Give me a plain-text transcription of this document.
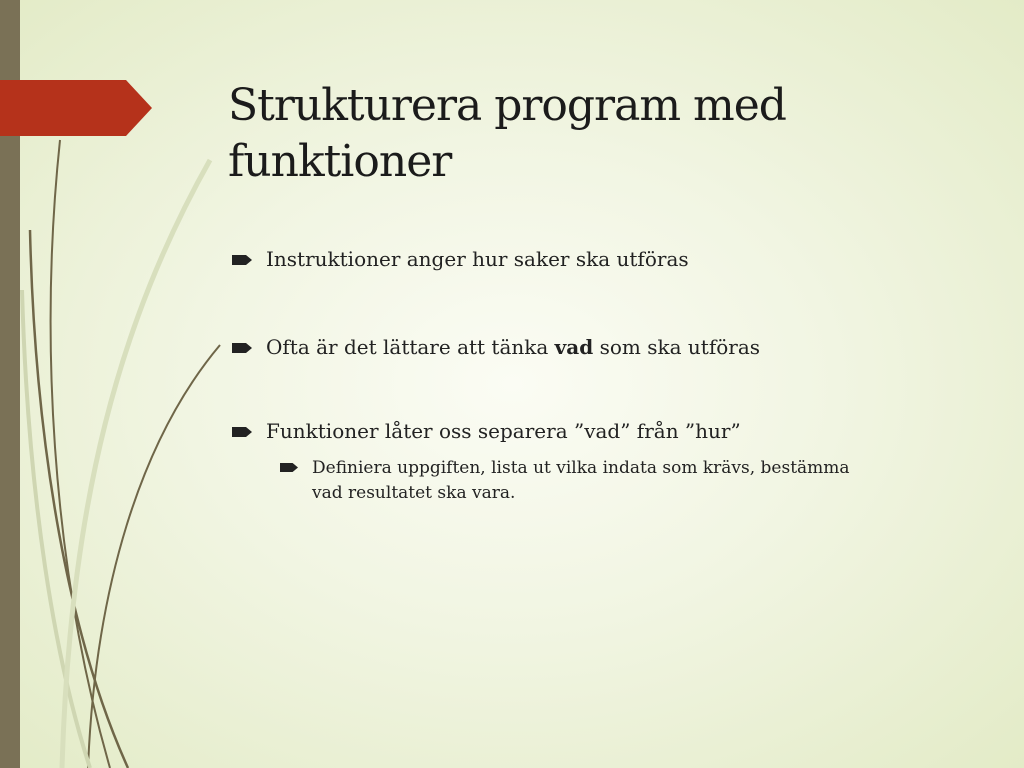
Strukturera program med funktioner
Instruktioner anger hur saker ska utföras
Ofta är det lättare att tänka vad som ska utföras
Funktioner låter oss separera ”vad” från ”hur”
Definiera uppgiften, lista ut vilka indata som krävs, bestämma vad resultatet ska vara.
